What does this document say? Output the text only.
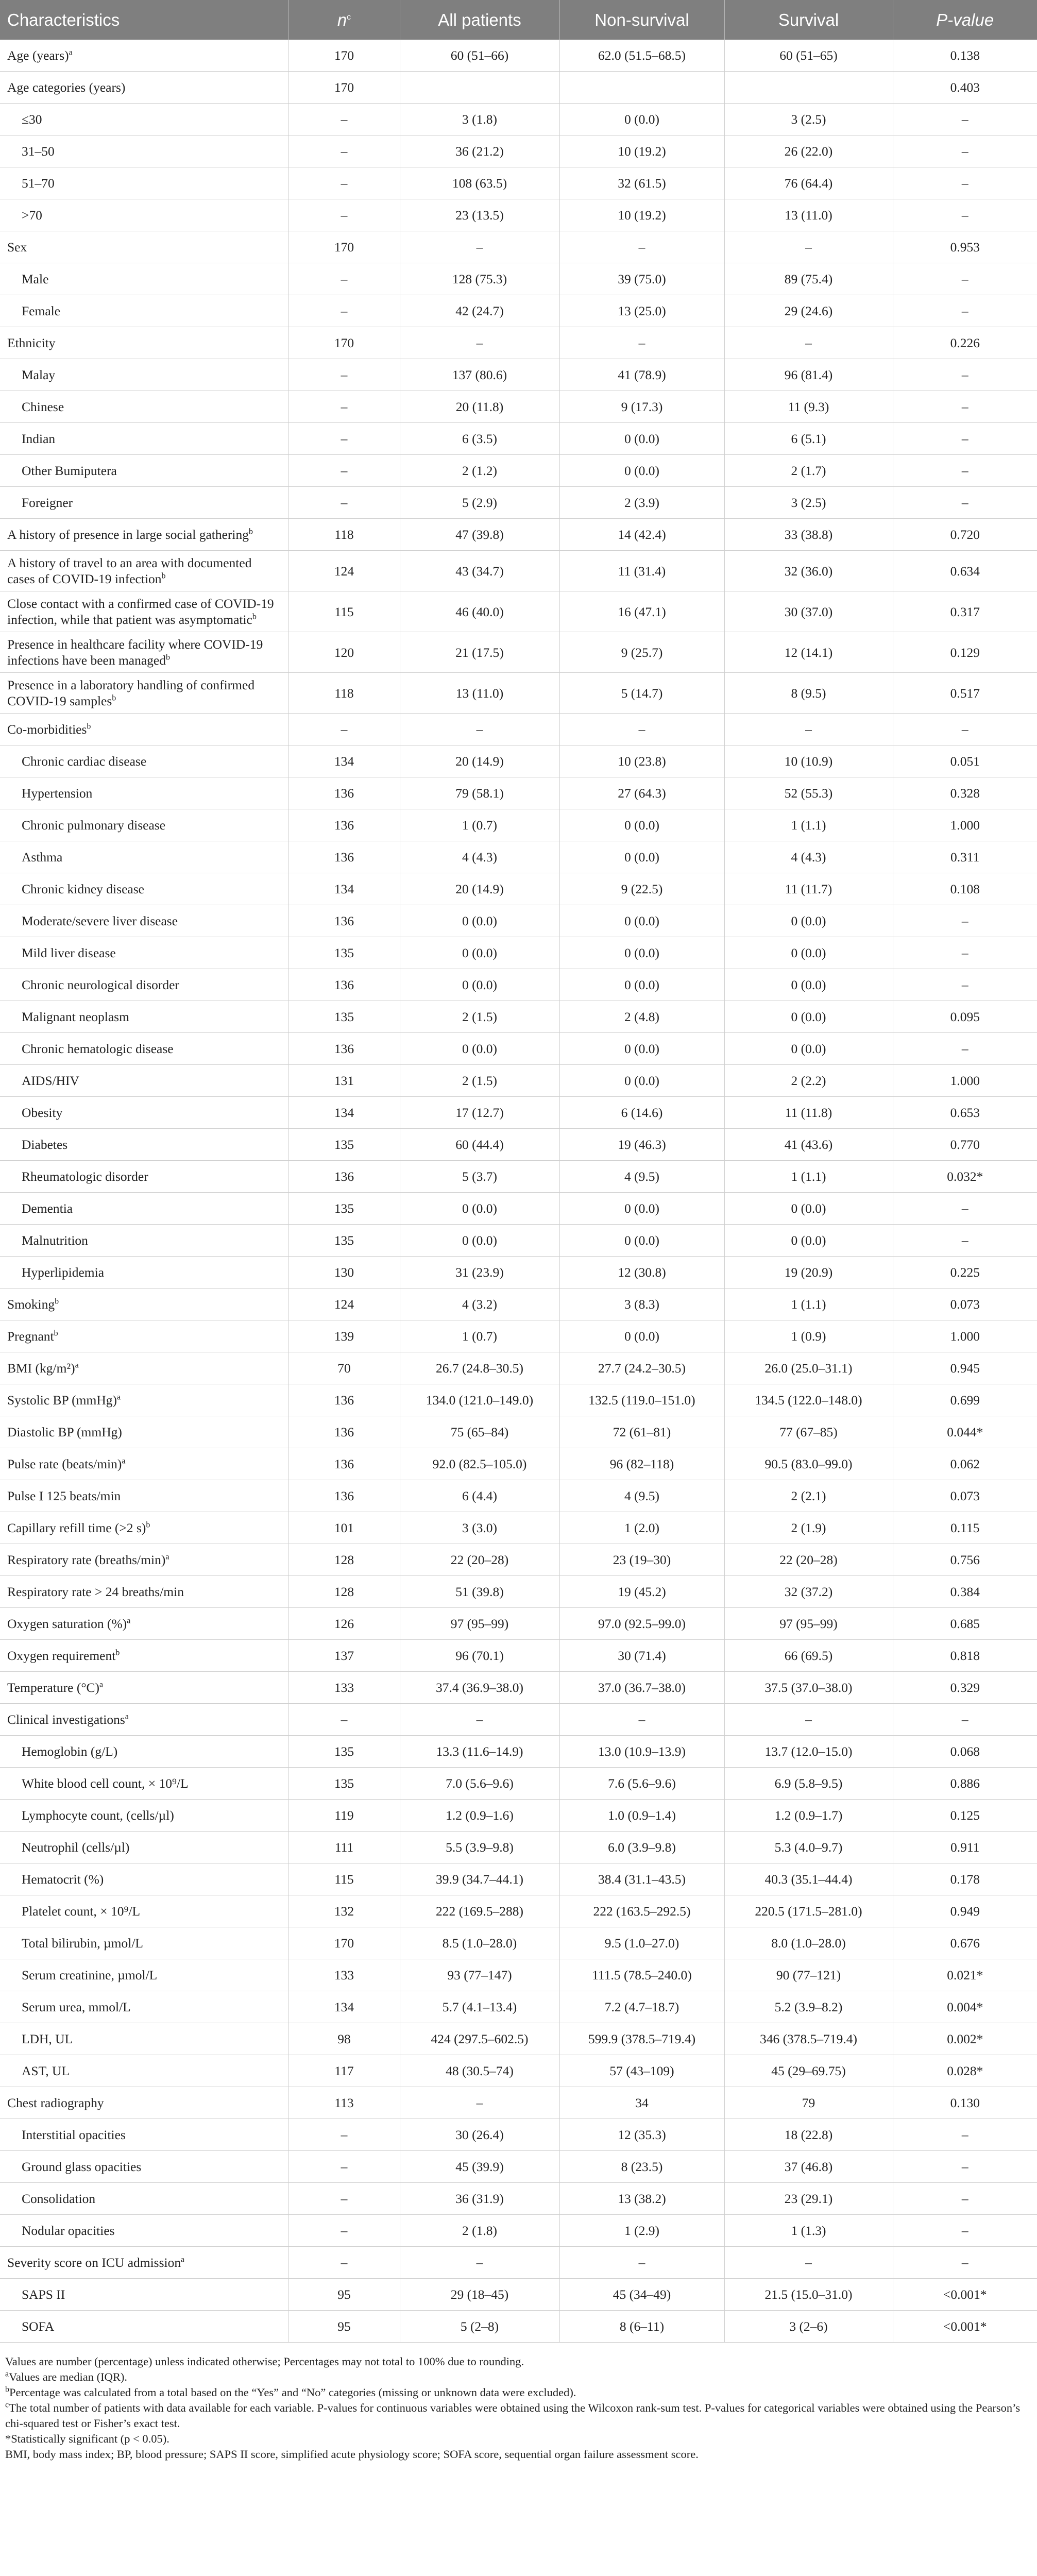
Characteristics	$n^c$	All patients	Non-survival	Survival	P-value
Age (years)$^a$	170	60 (51–66)	62.0 (51.5–68.5)	60 (51–65)	0.138
Age categories (years)	170				0.403
≤30	–	3 (1.8)	0 (0.0)	3 (2.5)	–
31–50	–	36 (21.2)	10 (19.2)	26 (22.0)	–
51–70	–	108 (63.5)	32 (61.5)	76 (64.4)	–
>70	–	23 (13.5)	10 (19.2)	13 (11.0)	–
Sex	170	–	–	–	0.953
Male	–	128 (75.3)	39 (75.0)	89 (75.4)	–
Female	–	42 (24.7)	13 (25.0)	29 (24.6)	–
Ethnicity	170	–	–	–	0.226
Malay	–	137 (80.6)	41 (78.9)	96 (81.4)	–
Chinese	–	20 (11.8)	9 (17.3)	11 (9.3)	–
Indian	–	6 (3.5)	0 (0.0)	6 (5.1)	–
Other Bumiputera	–	2 (1.2)	0 (0.0)	2 (1.7)	–
Foreigner	–	5 (2.9)	2 (3.9)	3 (2.5)	–
A history of presence in large social gathering$^b$	118	47 (39.8)	14 (42.4)	33 (38.8)	0.720
A history of travel to an area with documented cases of COVID-19 infection$^b$	124	43 (34.7)	11 (31.4)	32 (36.0)	0.634
Close contact with a confirmed case of COVID-19 infection, while that patient was asymptomatic$^b$	115	46 (40.0)	16 (47.1)	30 (37.0)	0.317
Presence in healthcare facility where COVID-19 infections have been managed$^b$	120	21 (17.5)	9 (25.7)	12 (14.1)	0.129
Presence in a laboratory handling of confirmed COVID-19 samples$^b$	118	13 (11.0)	5 (14.7)	8 (9.5)	0.517
Co-morbidities$^b$	–	–	–	–	–
Chronic cardiac disease	134	20 (14.9)	10 (23.8)	10 (10.9)	0.051
Hypertension	136	79 (58.1)	27 (64.3)	52 (55.3)	0.328
Chronic pulmonary disease	136	1 (0.7)	0 (0.0)	1 (1.1)	1.000
Asthma	136	4 (4.3)	0 (0.0)	4 (4.3)	0.311
Chronic kidney disease	134	20 (14.9)	9 (22.5)	11 (11.7)	0.108
Moderate/severe liver disease	136	0 (0.0)	0 (0.0)	0 (0.0)	–
Mild liver disease	135	0 (0.0)	0 (0.0)	0 (0.0)	–
Chronic neurological disorder	136	0 (0.0)	0 (0.0)	0 (0.0)	–
Malignant neoplasm	135	2 (1.5)	2 (4.8)	0 (0.0)	0.095
Chronic hematologic disease	136	0 (0.0)	0 (0.0)	0 (0.0)	–
AIDS/HIV	131	2 (1.5)	0 (0.0)	2 (2.2)	1.000
Obesity	134	17 (12.7)	6 (14.6)	11 (11.8)	0.653
Diabetes	135	60 (44.4)	19 (46.3)	41 (43.6)	0.770
Rheumatologic disorder	136	5 (3.7)	4 (9.5)	1 (1.1)	0.032*
Dementia	135	0 (0.0)	0 (0.0)	0 (0.0)	–
Malnutrition	135	0 (0.0)	0 (0.0)	0 (0.0)	–
Hyperlipidemia	130	31 (23.9)	12 (30.8)	19 (20.9)	0.225
Smoking$^b$	124	4 (3.2)	3 (8.3)	1 (1.1)	0.073
Pregnant$^b$	139	1 (0.7)	0 (0.0)	1 (0.9)	1.000
BMI $(kg/m^2)^a$	70	26.7 (24.8–30.5)	27.7 (24.2–30.5)	26.0 (25.0–31.1)	0.945
Systolic BP (mmHg)$^a$	136	134.0 (121.0–149.0)	132.5 (119.0–151.0)	134.5 (122.0–148.0)	0.699
Diastolic BP (mmHg)	136	75 (65–84)	72 (61–81)	77 (67–85)	0.044*
Pulse rate (beats/min)$^a$	136	92.0 (82.5–105.0)	96 (82–118)	90.5 (83.0–99.0)	0.062
Pulse Ι 125 beats/min	136	6 (4.4)	4 (9.5)	2 (2.1)	0.073
Capillary refill time (>2 s)$^b$	101	3 (3.0)	1 (2.0)	2 (1.9)	0.115
Respiratory rate (breaths/min)$^a$	128	22 (20–28)	23 (19–30)	22 (20–28)	0.756
Respiratory rate > 24 breaths/min	128	51 (39.8)	19 (45.2)	32 (37.2)	0.384
Oxygen saturation (%)$^a$	126	97 (95–99)	97.0 (92.5–99.0)	97 (95–99)	0.685
Oxygen requirement$^b$	137	96 (70.1)	30 (71.4)	66 (69.5)	0.818
Temperature $(^\circ C)^a$	133	37.4 (36.9–38.0)	37.0 (36.7–38.0)	37.5 (37.0–38.0)	0.329
Clinical investigations$^a$	–	–	–	–	–
Hemoglobin (g/L)	135	13.3 (11.6–14.9)	13.0 (10.9–13.9)	13.7 (12.0–15.0)	0.068
White blood cell count, × 10⁹/L	135	7.0 (5.6–9.6)	7.6 (5.6–9.6)	6.9 (5.8–9.5)	0.886
Lymphocyte count, (cells/µl)	119	1.2 (0.9–1.6)	1.0 (0.9–1.4)	1.2 (0.9–1.7)	0.125
Neutrophil (cells/µl)	111	5.5 (3.9–9.8)	6.0 (3.9–9.8)	5.3 (4.0–9.7)	0.911
Hematocrit (%)	115	39.9 (34.7–44.1)	38.4 (31.1–43.5)	40.3 (35.1–44.4)	0.178
Platelet count, × 10⁹/L	132	222 (169.5–288)	222 (163.5–292.5)	220.5 (171.5–281.0)	0.949
Total bilirubin, µmol/L	170	8.5 (1.0–28.0)	9.5 (1.0–27.0)	8.0 (1.0–28.0)	0.676
Serum creatinine, µmol/L	133	93 (77–147)	111.5 (78.5–240.0)	90 (77–121)	0.021*
Serum urea, mmol/L	134	5.7 (4.1–13.4)	7.2 (4.7–18.7)	5.2 (3.9–8.2)	0.004*
LDH, UL	98	424 (297.5–602.5)	599.9 (378.5–719.4)	346 (378.5–719.4)	0.002*
AST, UL	117	48 (30.5–74)	57 (43–109)	45 (29–69.75)	0.028*
Chest radiography	113	–	34	79	0.130
Interstitial opacities	–	30 (26.4)	12 (35.3)	18 (22.8)	–
Ground glass opacities	–	45 (39.9)	8 (23.5)	37 (46.8)	–
Consolidation	–	36 (31.9)	13 (38.2)	23 (29.1)	–
Nodular opacities	–	2 (1.8)	1 (2.9)	1 (1.3)	–
Severity score on ICU admission$^a$	–	–	–	–	–
SAPS II	95	29 (18–45)	45 (34–49)	21.5 (15.0–31.0)	<0.001*
SOFA	95	5 (2–8)	8 (6–11)	3 (2–6)	<0.001*

Values are number (percentage) unless indicated otherwise; Percentages may not total to 100% due to rounding.

$^a$Values are median (IQR).

$^b$Percentage was calculated from a total based on the “Yes” and “No” categories (missing or unknown data were excluded).

$^c$The total number of patients with data available for each variable. P-values for continuous variables were obtained using the Wilcoxon rank-sum test. P-values for categorical variables were obtained using the Pearson’s chi-squared test or Fisher’s exact test.

*Statistically significant (p < 0.05).

BMI, body mass index; BP, blood pressure; SAPS II score, simplified acute physiology score; SOFA score, sequential organ failure assessment score.
